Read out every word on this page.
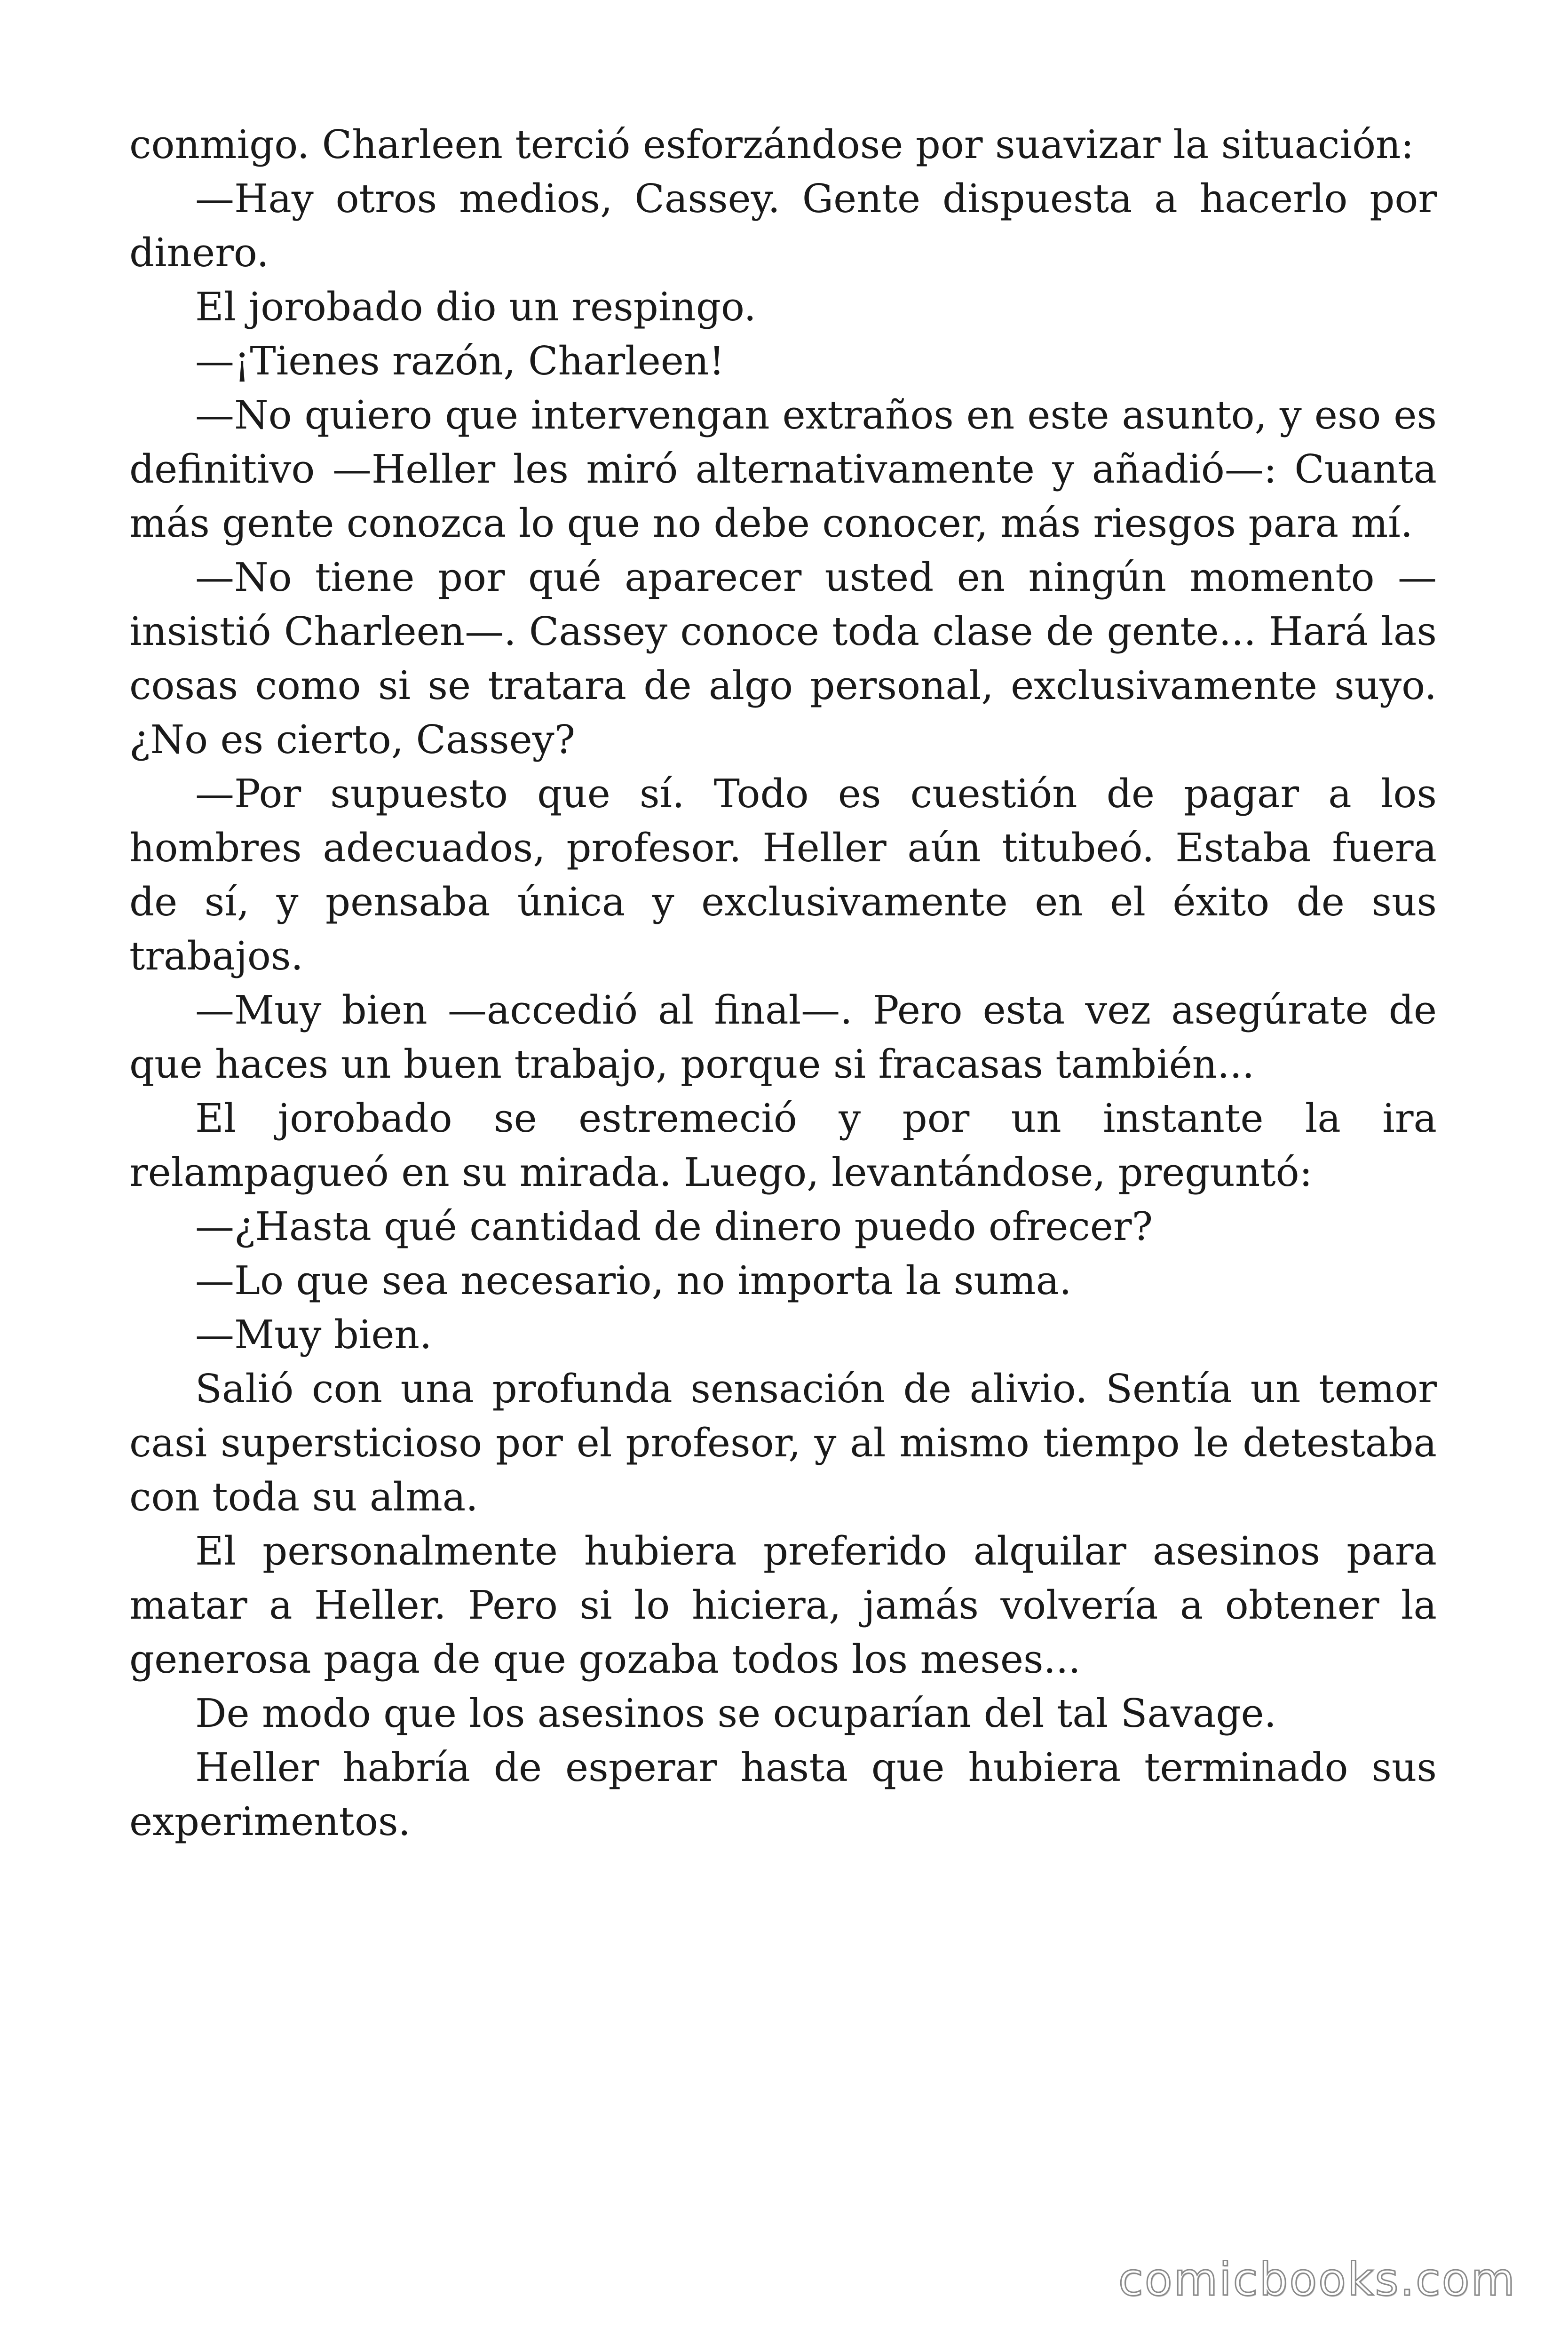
conmigo. Charleen terció esforzándose por suavizar la situación:

—Hay otros medios, Cassey. Gente dispuesta a hacerlo por dinero.

El jorobado dio un respingo.

—¡Tienes razón, Charleen!

—No quiero que intervengan extraños en este asunto, y eso es definitivo —Heller les miró alternativamente y añadió—: Cuanta más gente conozca lo que no debe conocer, más riesgos para mí.

—No tiene por qué aparecer usted en ningún momento —insistió Charleen—. Cassey conoce toda clase de gente... Hará las cosas como si se tratara de algo personal, exclusivamente suyo. ¿No es cierto, Cassey?

—Por supuesto que sí. Todo es cuestión de pagar a los hombres adecuados, profesor. Heller aún titubeó. Estaba fuera de sí, y pensaba única y exclusivamente en el éxito de sus trabajos.

—Muy bien —accedió al final—. Pero esta vez asegúrate de que haces un buen trabajo, porque si fracasas también...

El jorobado se estremeció y por un instante la ira relampagueó en su mirada. Luego, levantándose, preguntó:

—¿Hasta qué cantidad de dinero puedo ofrecer?

—Lo que sea necesario, no importa la suma.

—Muy bien.

Salió con una profunda sensación de alivio. Sentía un temor casi supersticioso por el profesor, y al mismo tiempo le detestaba con toda su alma.

El personalmente hubiera preferido alquilar asesinos para matar a Heller. Pero si lo hiciera, jamás volvería a obtener la generosa paga de que gozaba todos los meses...

De modo que los asesinos se ocuparían del tal Savage.

Heller habría de esperar hasta que hubiera terminado sus experimentos.

comicbooks.com
